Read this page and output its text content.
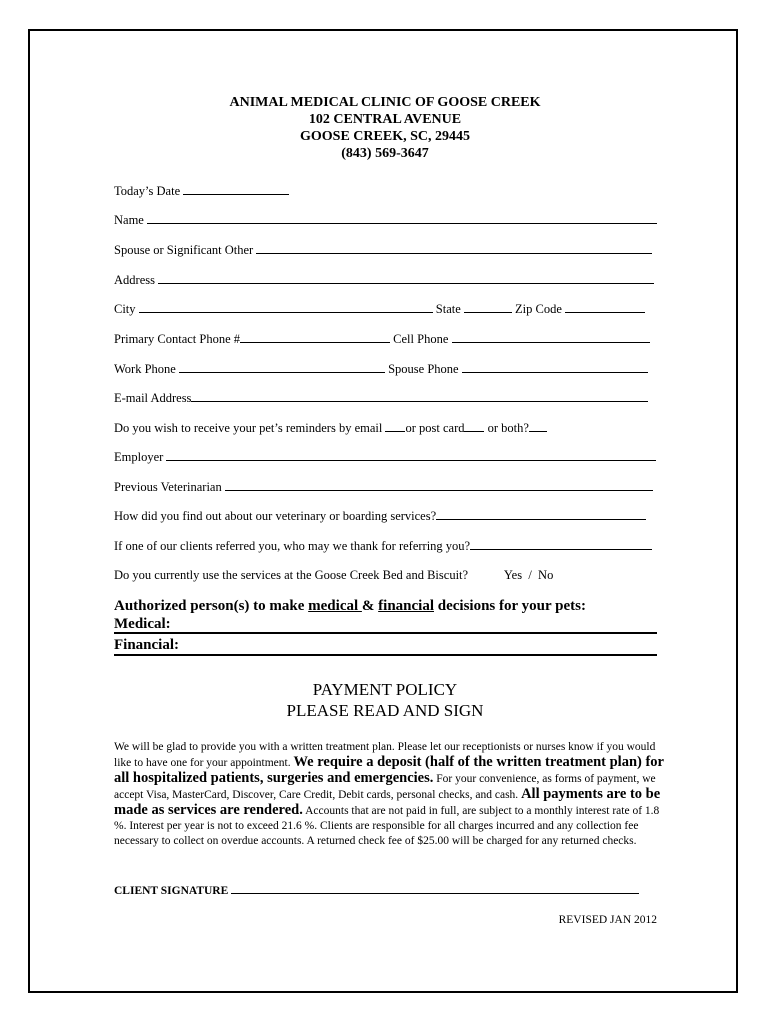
ANIMAL MEDICAL CLINIC OF GOOSE CREEK
102 CENTRAL AVENUE
GOOSE CREEK, SC, 29445
(843) 569-3647
Today’s Date
Name
Spouse or Significant Other
Address
City	State	Zip Code
Primary Contact Phone #	Cell Phone
Work Phone	Spouse Phone
E-mail Address
Do you wish to receive your pet’s reminders by email or post card or both?
Employer
Previous Veterinarian
How did you find out about our veterinary or boarding services?
If one of our clients referred you, who may we thank for referring you?
Do you currently use the services at the Goose Creek Bed and Biscuit?	Yes  /  No
Authorized person(s) to make medical & financial decisions for your pets:
Medical:
Financial:
PAYMENT POLICY
PLEASE READ AND SIGN
We will be glad to provide you with a written treatment plan. Please let our receptionists or nurses know if you would like to have one for your appointment. We require a deposit (half of the written treatment plan) for all hospitalized patients, surgeries and emergencies. For your convenience, as forms of payment, we accept Visa, MasterCard, Discover, Care Credit, Debit cards, personal checks, and cash. All payments are to be made as services are rendered. Accounts that are not paid in full, are subject to a monthly interest rate of 1.8 %. Interest per year is not to exceed 21.6 %. Clients are responsible for all charges incurred and any collection fee necessary to collect on overdue accounts. A returned check fee of $25.00 will be charged for any returned checks.
CLIENT SIGNATURE
REVISED JAN 2012
